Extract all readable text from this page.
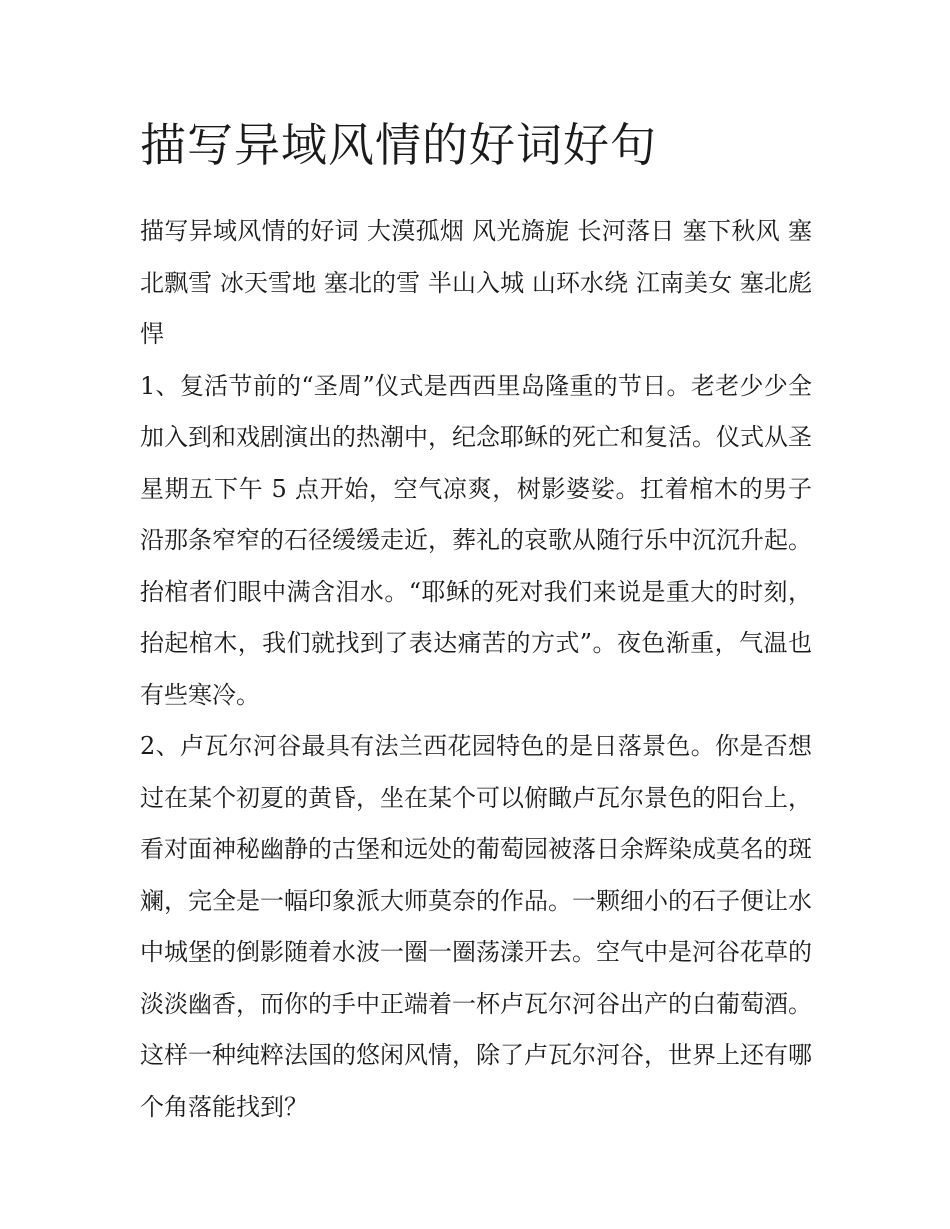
描写异域风情的好词好句

描写异域风情的好词 大漠孤烟 风光旖旎 长河落日 塞下秋风 塞北飘雪 冰天雪地 塞北的雪 半山入城 山环水绕 江南美女 塞北彪悍

1、复活节前的“圣周”仪式是西西里岛隆重的节日。老老少少全加入到和戏剧演出的热潮中，纪念耶稣的死亡和复活。仪式从圣星期五下午 5 点开始，空气凉爽，树影婆娑。扛着棺木的男子沿那条窄窄的石径缓缓走近，葬礼的哀歌从随行乐中沉沉升起。抬棺者们眼中满含泪水。“耶稣的死对我们来说是重大的时刻，抬起棺木，我们就找到了表达痛苦的方式”。夜色渐重，气温也有些寒冷。

2、卢瓦尔河谷最具有法兰西花园特色的是日落景色。你是否想过在某个初夏的黄昏，坐在某个可以俯瞰卢瓦尔景色的阳台上，看对面神秘幽静的古堡和远处的葡萄园被落日余辉染成莫名的斑斓，完全是一幅印象派大师莫奈的作品。一颗细小的石子便让水中城堡的倒影随着水波一圈一圈荡漾开去。空气中是河谷花草的淡淡幽香，而你的手中正端着一杯卢瓦尔河谷出产的白葡萄酒。这样一种纯粹法国的悠闲风情，除了卢瓦尔河谷，世界上还有哪个角落能找到？
